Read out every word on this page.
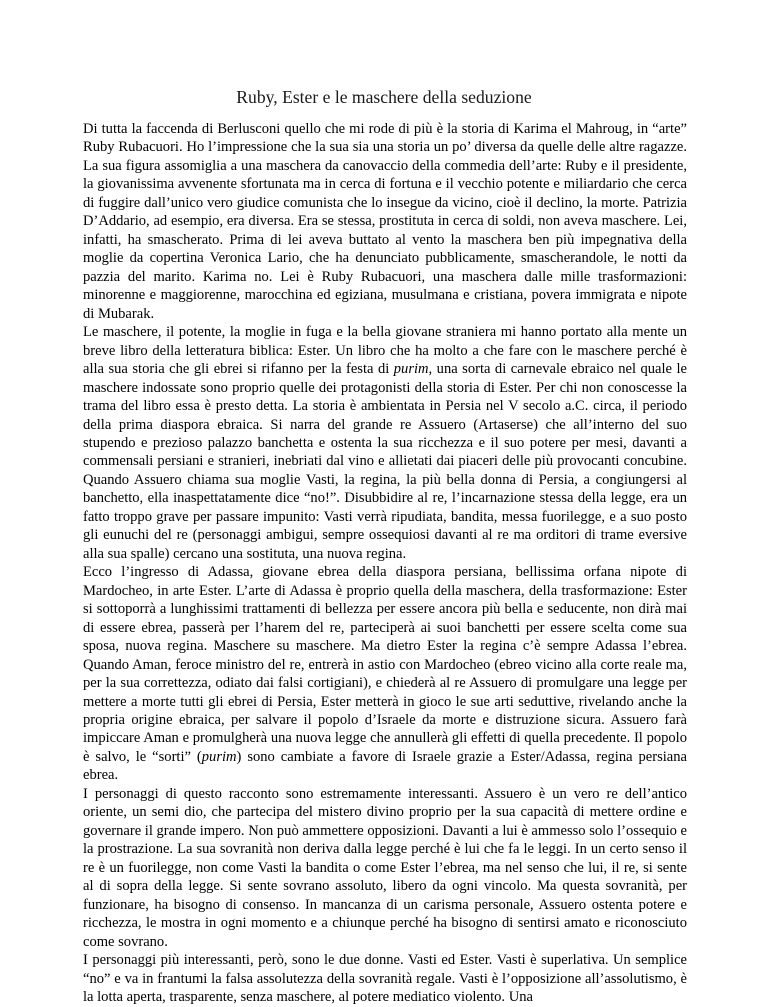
Ruby, Ester e le maschere della seduzione

Di tutta la faccenda di Berlusconi quello che mi rode di più è la storia di Karima el Mahroug, in “arte” Ruby Rubacuori. Ho l’impressione che la sua sia una storia un po’ diversa da quelle delle altre ragazze. La sua figura assomiglia a una maschera da canovaccio della commedia dell’arte: Ruby e il presidente, la giovanissima avvenente sfortunata ma in cerca di fortuna e il vecchio potente e miliardario che cerca di fuggire dall’unico vero giudice comunista che lo insegue da vicino, cioè il declino, la morte. Patrizia D’Addario, ad esempio, era diversa. Era se stessa, prostituta in cerca di soldi, non aveva maschere. Lei, infatti, ha smascherato. Prima di lei aveva buttato al vento la maschera ben più impegnativa della moglie da copertina Veronica Lario, che ha denunciato pubblicamente, smascherandole, le notti da pazzia del marito. Karima no. Lei è Ruby Rubacuori, una maschera dalle mille trasformazioni: minorenne e maggiorenne, marocchina ed egiziana, musulmana e cristiana, povera immigrata e nipote di Mubarak.

Le maschere, il potente, la moglie in fuga e la bella giovane straniera mi hanno portato alla mente un breve libro della letteratura biblica: Ester. Un libro che ha molto a che fare con le maschere perché è alla sua storia che gli ebrei si rifanno per la festa di purim, una sorta di carnevale ebraico nel quale le maschere indossate sono proprio quelle dei protagonisti della storia di Ester. Per chi non conoscesse la trama del libro essa è presto detta. La storia è ambientata in Persia nel V secolo a.C. circa, il periodo della prima diaspora ebraica. Si narra del grande re Assuero (Artaserse) che all’interno del suo stupendo e prezioso palazzo banchetta e ostenta la sua ricchezza e il suo potere per mesi, davanti a commensali persiani e stranieri, inebriati dal vino e allietati dai piaceri delle più provocanti concubine. Quando Assuero chiama sua moglie Vasti, la regina, la più bella donna di Persia, a congiungersi al banchetto, ella inaspettatamente dice “no!”. Disubbidire al re, l’incarnazione stessa della legge, era un fatto troppo grave per passare impunito: Vasti verrà ripudiata, bandita, messa fuorilegge, e a suo posto gli eunuchi del re (personaggi ambigui, sempre ossequiosi davanti al re ma orditori di trame eversive alla sua spalle) cercano una sostituta, una nuova regina.

Ecco l’ingresso di Adassa, giovane ebrea della diaspora persiana, bellissima orfana nipote di Mardocheo, in arte Ester. L’arte di Adassa è proprio quella della maschera, della trasformazione: Ester si sottoporrà a lunghissimi trattamenti di bellezza per essere ancora più bella e seducente, non dirà mai di essere ebrea, passerà per l’harem del re, parteciperà ai suoi banchetti per essere scelta come sua sposa, nuova regina. Maschere su maschere. Ma dietro Ester la regina c’è sempre Adassa l’ebrea. Quando Aman, feroce ministro del re, entrerà in astio con Mardocheo (ebreo vicino alla corte reale ma, per la sua correttezza, odiato dai falsi cortigiani), e chiederà al re Assuero di promulgare una legge per mettere a morte tutti gli ebrei di Persia, Ester metterà in gioco le sue arti seduttive, rivelando anche la propria origine ebraica, per salvare il popolo d’Israele da morte e distruzione sicura. Assuero farà impiccare Aman e promulgherà una nuova legge che annullerà gli effetti di quella precedente. Il popolo è salvo, le “sorti” (purim) sono cambiate a favore di Israele grazie a Ester/Adassa, regina persiana ebrea.

I personaggi di questo racconto sono estremamente interessanti. Assuero è un vero re dell’antico oriente, un semi dio, che partecipa del mistero divino proprio per la sua capacità di mettere ordine e governare il grande impero. Non può ammettere opposizioni. Davanti a lui è ammesso solo l’ossequio e la prostrazione. La sua sovranità non deriva dalla legge perché è lui che fa le leggi. In un certo senso il re è un fuorilegge, non come Vasti la bandita o come Ester l’ebrea, ma nel senso che lui, il re, si sente al di sopra della legge. Si sente sovrano assoluto, libero da ogni vincolo. Ma questa sovranità, per funzionare, ha bisogno di consenso. In mancanza di un carisma personale, Assuero ostenta potere e ricchezza, le mostra in ogni momento e a chiunque perché ha bisogno di sentirsi amato e riconosciuto come sovrano.

I personaggi più interessanti, però, sono le due donne. Vasti ed Ester. Vasti è superlativa. Un semplice “no” e va in frantumi la falsa assolutezza della sovranità regale. Vasti è l’opposizione all’assolutismo, è la lotta aperta, trasparente, senza maschere, al potere mediatico violento. Una
